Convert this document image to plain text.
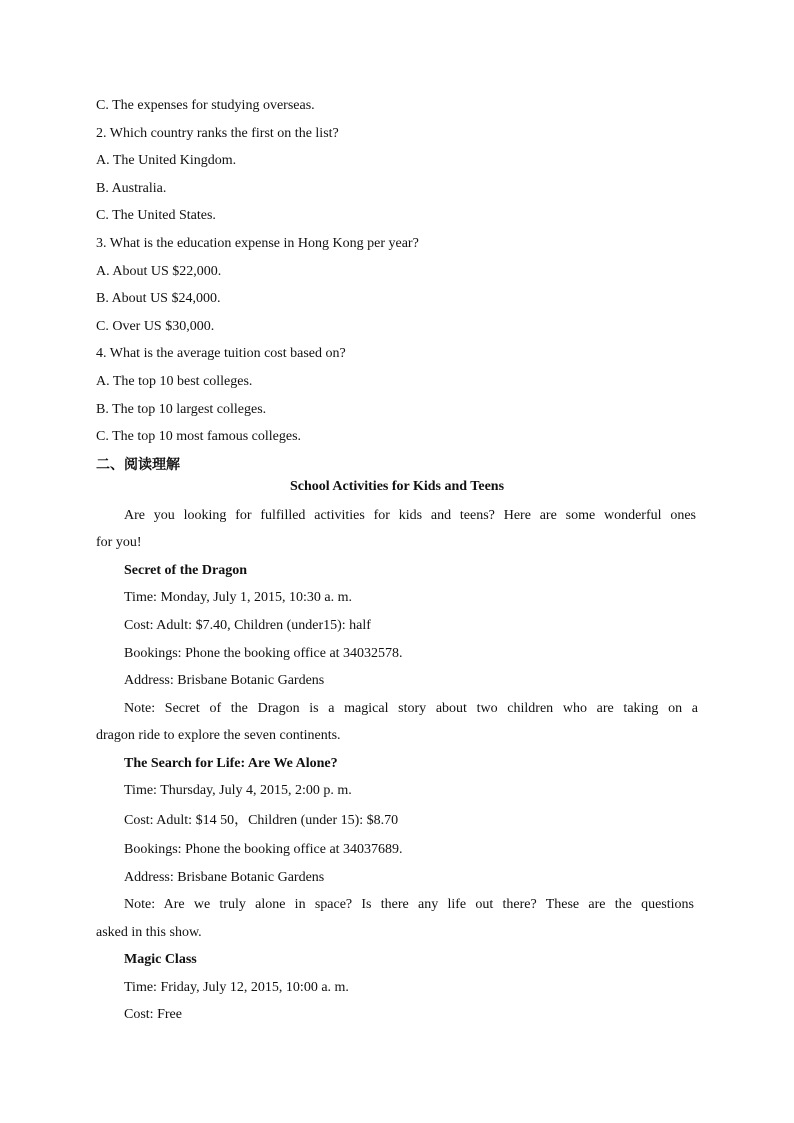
C. The expenses for studying overseas.
2. Which country ranks the first on the list?
A. The United Kingdom.
B. Australia.
C. The United States.
3. What is the education expense in Hong Kong per year?
A. About US $22,000.
B. About US $24,000.
C. Over US $30,000.
4. What is the average tuition cost based on?
A. The top 10 best colleges.
B. The top 10 largest colleges.
C. The top 10 most famous colleges.
二、阅读理解
School Activities for Kids and Teens
Are you looking for fulfilled activities for kids and teens? Here are some wonderful ones
for you!
Secret of the Dragon
Time: Monday, July 1, 2015, 10:30 a. m.
Cost: Adult: $7.40, Children (under15): half
Bookings: Phone the booking office at 34032578.
Address: Brisbane Botanic Gardens
Note: Secret of the Dragon is a magical story about two children who are taking on a
dragon ride to explore the seven continents.
The Search for Life: Are We Alone?
Time: Thursday, July 4, 2015, 2:00 p. m.
Cost: Adult: $14 50，Children (under 15): $8.70
Bookings: Phone the booking office at 34037689.
Address: Brisbane Botanic Gardens
Note: Are we truly alone in space? Is there any life out there? These are the questions
asked in this show.
Magic Class
Time: Friday, July 12, 2015, 10:00 a. m.
Cost: Free
